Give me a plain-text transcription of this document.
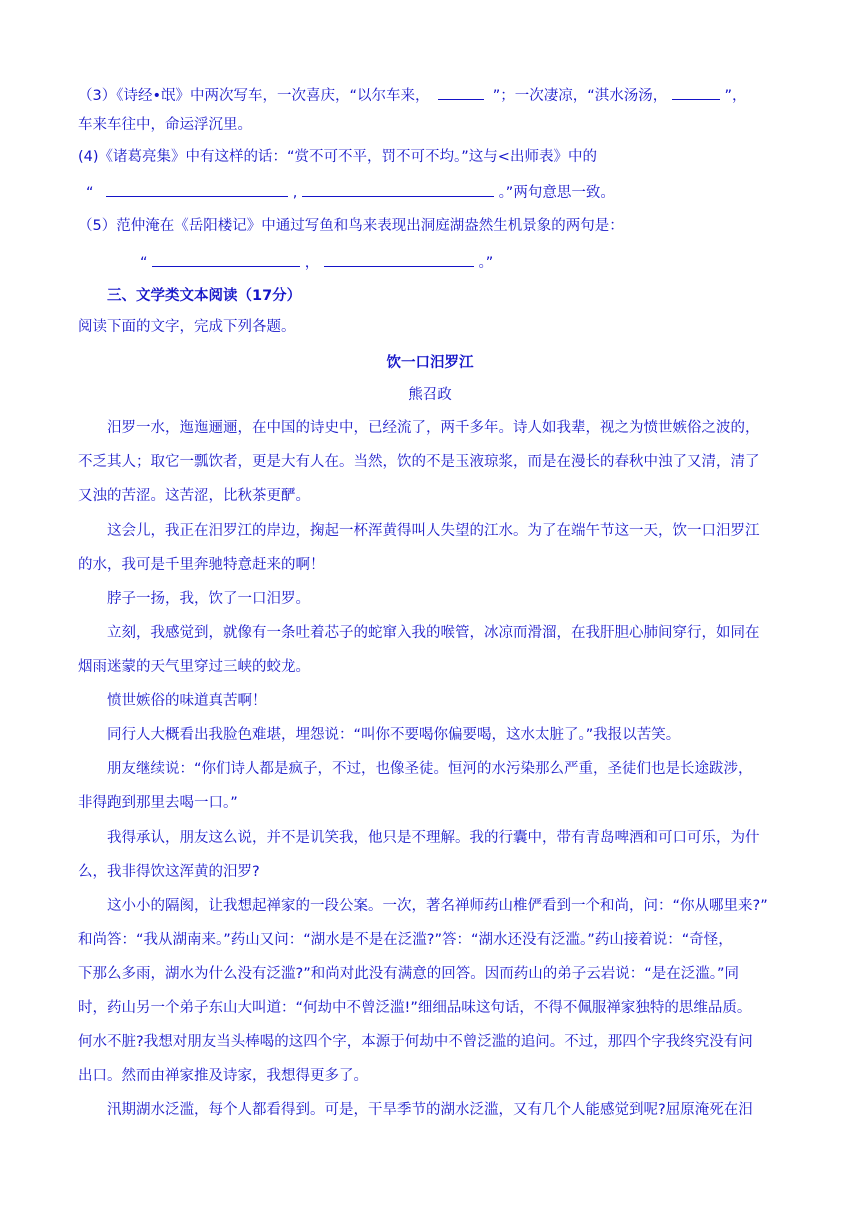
（3）《诗经•氓》中两次写车，一次喜庆，“以尔车来，	”；一次凄凉，“淇水汤汤，	”，
车来车往中，命运浮沉里。
(4)《诸葛亮集》中有这样的话：“赏不可不平，罚不可不均。”这与<出师表》中的
“	,	。”两句意思一致。
（5）范仲淹在《岳阳楼记》中通过写鱼和鸟来表现出洞庭湖盎然生机景象的两句是：
“	，	。”
三、文学类文本阅读（17分）
阅读下面的文字，完成下列各题。
饮一口汨罗江
熊召政
汨罗一水，迤迤逦逦，在中国的诗史中，已经流了，两千多年。诗人如我辈，视之为愤世嫉俗之波的，
不乏其人；取它一瓢饮者，更是大有人在。当然，饮的不是玉液琼浆，而是在漫长的春秋中浊了又清，清了
又浊的苦涩。这苦涩，比秋茶更酽。
这会儿，我正在汨罗江的岸边，掬起一杯浑黄得叫人失望的江水。为了在端午节这一天，饮一口汨罗江
的水，我可是千里奔驰特意赶来的啊！
脖子一扬，我，饮了一口汨罗。
立刻，我感觉到，就像有一条吐着芯子的蛇窜入我的喉管，冰凉而滑溜，在我肝胆心肺间穿行，如同在
烟雨迷蒙的天气里穿过三峡的蛟龙。
愤世嫉俗的味道真苦啊！
同行人大概看出我脸色难堪，埋怨说：“叫你不要喝你偏要喝，这水太脏了。”我报以苦笑。
朋友继续说：“你们诗人都是疯子，不过，也像圣徒。恒河的水污染那么严重，圣徒们也是长途跋涉，
非得跑到那里去喝一口。”
我得承认，朋友这么说，并不是讥笑我，他只是不理解。我的行囊中，带有青岛啤酒和可口可乐，为什
么，我非得饮这浑黄的汨罗?
这小小的隔阂，让我想起禅家的一段公案。一次，著名禅师药山椎俨看到一个和尚，问：“你从哪里来?”
和尚答：“我从湖南来。”药山又问：“湖水是不是在泛滥?”答：“湖水还没有泛滥。”药山接着说：“奇怪，
下那么多雨，湖水为什么没有泛滥?”和尚对此没有满意的回答。因而药山的弟子云岩说：“是在泛滥。”同
时，药山另一个弟子东山大叫道：“何劫中不曾泛滥!”细细品味这句话，不得不佩服禅家独特的思维品质。
何水不脏?我想对朋友当头棒喝的这四个字，本源于何劫中不曾泛滥的追问。不过，那四个字我终究没有问
出口。然而由禅家推及诗家，我想得更多了。
汛期湖水泛滥，每个人都看得到。可是，干旱季节的湖水泛滥，又有几个人能感觉到呢?屈原淹死在汨
